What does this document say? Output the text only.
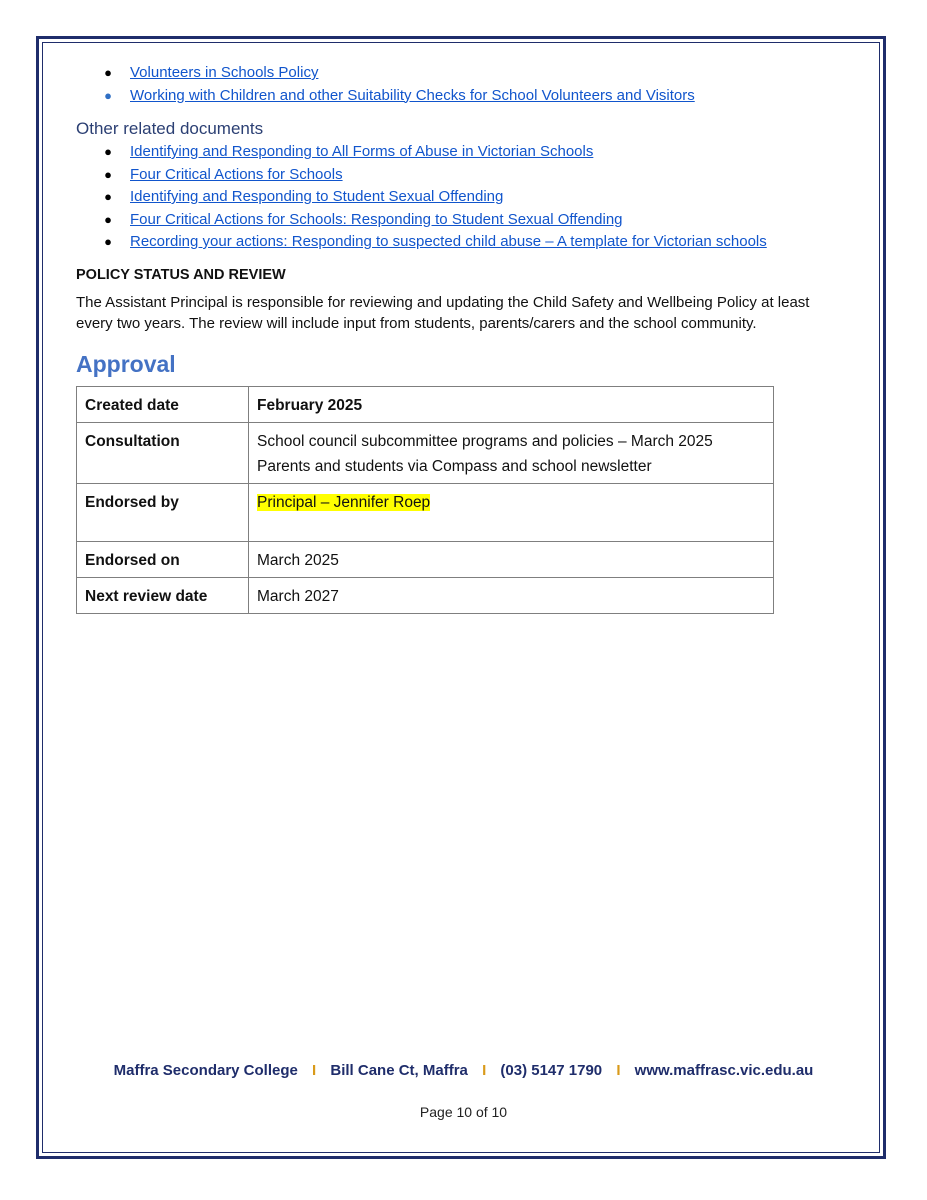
● Volunteers in Schools Policy
● Working with Children and other Suitability Checks for School Volunteers and Visitors
Other related documents
● Identifying and Responding to All Forms of Abuse in Victorian Schools
● Four Critical Actions for Schools
● Identifying and Responding to Student Sexual Offending
● Four Critical Actions for Schools: Responding to Student Sexual Offending
● Recording your actions: Responding to suspected child abuse – A template for Victorian schools
POLICY STATUS AND REVIEW
The Assistant Principal is responsible for reviewing and updating the Child Safety and Wellbeing Policy at least every two years. The review will include input from students, parents/carers and the school community.
Approval
Created date	February 2025
Consultation	School council subcommittee programs and policies – March 2025
Parents and students via Compass and school newsletter

Endorsed by	Principal – Jennifer Roep
Endorsed on	March 2025
Next review date	March 2027
Maffra Secondary College I Bill Cane Ct, Maffra I (03) 5147 1790 I www.maffrasc.vic.edu.au
Page 10 of 10
